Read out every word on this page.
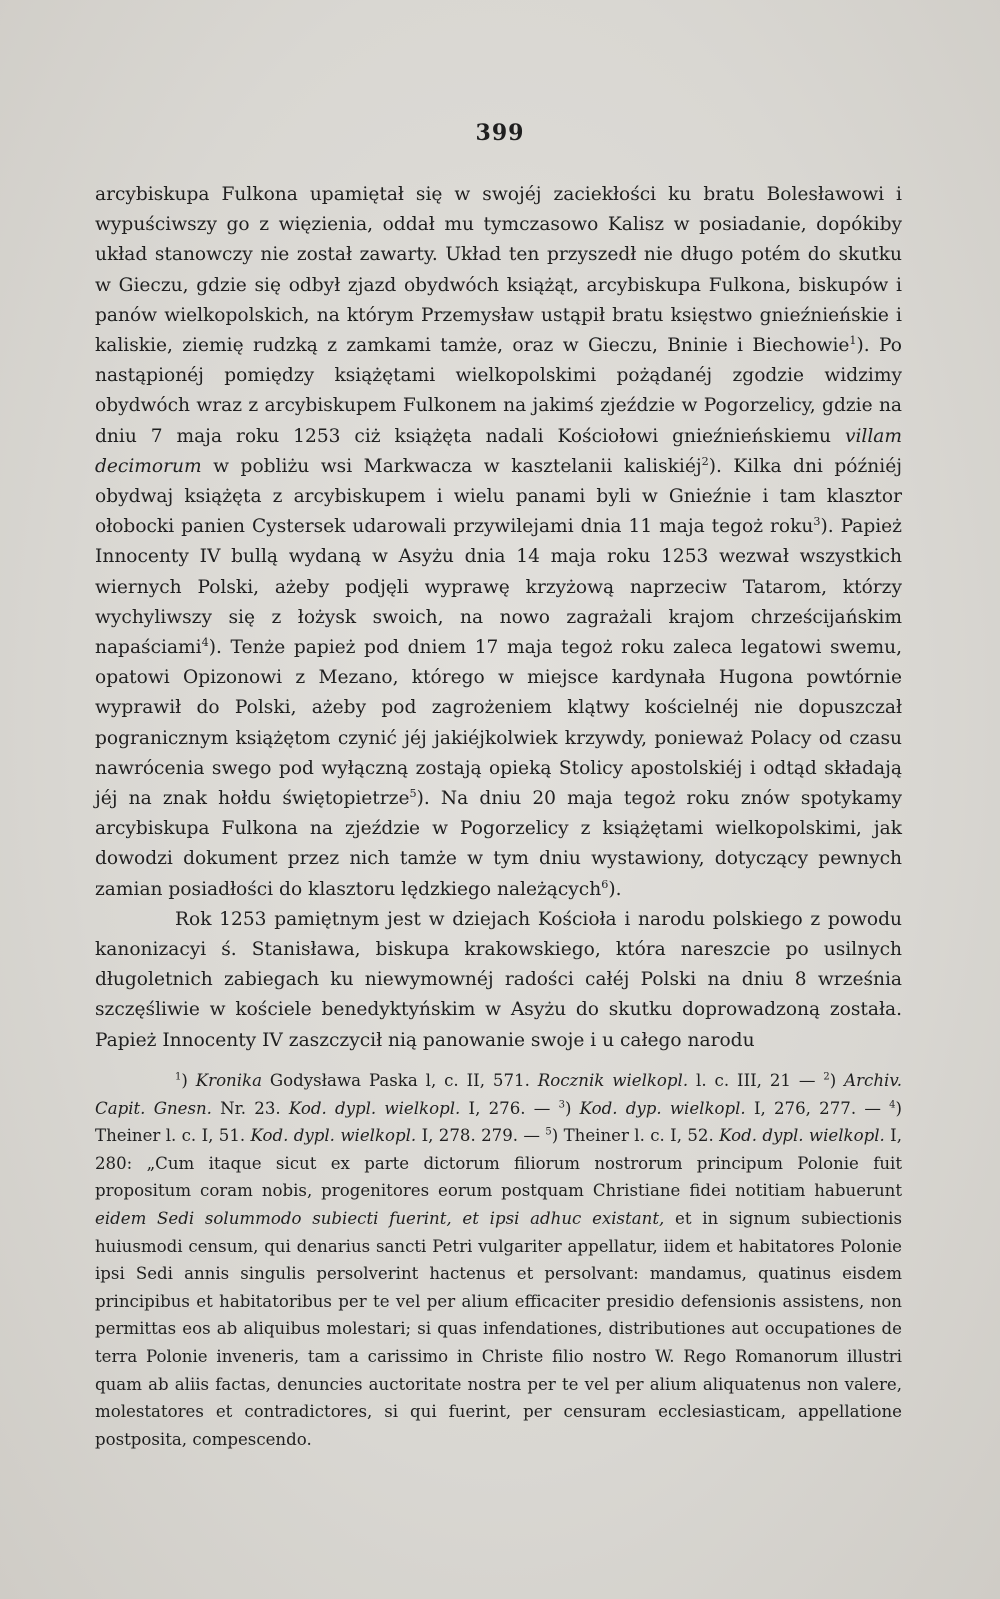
399

arcybiskupa Fulkona upamiętał się w swojéj zaciekłości ku bratu Bolesławowi i wypuściwszy go z więzienia, oddał mu tymczasowo Kalisz w posiadanie, dopókiby układ stanowczy nie został zawarty. Układ ten przyszedł nie długo potém do skutku w Gieczu, gdzie się odbył zjazd obydwóch książąt, arcybiskupa Fulkona, biskupów i panów wielkopolskich, na którym Przemysław ustąpił bratu księstwo gnieźnieńskie i kaliskie, ziemię rudzką z zamkami tamże, oraz w Gieczu, Bninie i Biechowie$^1$). Po nastąpionéj pomiędzy książętami wielkopolskimi pożądanéj zgodzie widzimy obydwóch wraz z arcybiskupem Fulkonem na jakimś zjeździe w Pogorzelicy, gdzie na dniu 7 maja roku 1253 ciż książęta nadali Kościołowi gnieźnieńskiemu villam decimorum w pobliżu wsi Markwacza w kasztelanii kaliskiéj$^2$). Kilka dni późniéj obydwaj książęta z arcybiskupem i wielu panami byli w Gnieźnie i tam klasztor ołobocki panien Cystersek udarowali przywilejami dnia 11 maja tegoż roku$^3$). Papież Innocenty IV bullą wydaną w Asyżu dnia 14 maja roku 1253 wezwał wszystkich wiernych Polski, ażeby podjęli wyprawę krzyżową naprzeciw Tatarom, którzy wychyliwszy się z łożysk swoich, na nowo zagrażali krajom chrześcijańskim napaściami$^4$). Tenże papież pod dniem 17 maja tegoż roku zaleca legatowi swemu, opatowi Opizonowi z Mezano, którego w miejsce kardynała Hugona powtórnie wyprawił do Polski, ażeby pod zagrożeniem klątwy kościelnéj nie dopuszczał pogranicznym książętom czynić jéj jakiéjkolwiek krzywdy, ponieważ Polacy od czasu nawrócenia swego pod wyłączną zostają opieką Stolicy apostolskiéj i odtąd składają jéj na znak hołdu świętopietrze$^5$). Na dniu 20 maja tegoż roku znów spotykamy arcybiskupa Fulkona na zjeździe w Pogorzelicy z książętami wielkopolskimi, jak dowodzi dokument przez nich tamże w tym dniu wystawiony, dotyczący pewnych zamian posiadłości do klasztoru lędzkiego należących$^6$).

Rok 1253 pamiętnym jest w dziejach Kościoła i narodu polskiego z powodu kanonizacyi ś. Stanisława, biskupa krakowskiego, która nareszcie po usilnych długoletnich zabiegach ku niewymownéj radości całéj Polski na dniu 8 września szczęśliwie w kościele benedyktyńskim w Asyżu do skutku doprowadzoną została. Papież Innocenty IV zaszczycił nią panowanie swoje i u całego narodu

$^1$) Kronika Godysława Paska l, c. II, 571. Rocznik wielkopl. l. c. III, 21 — $^2$) Archiv. Capit. Gnesn. Nr. 23. Kod. dypl. wielkopl. I, 276. — $^3$) Kod. dyp. wielkopl. I, 276, 277. — $^4$) Theiner l. c. I, 51. Kod. dypl. wielkopl. I, 278. 279. — $^5$) Theiner l. c. I, 52. Kod. dypl. wielkopl. I, 280: „Cum itaque sicut ex parte dictorum filiorum nostrorum principum Polonie fuit propositum coram nobis, progenitores eorum postquam Christiane fidei notitiam habuerunt eidem Sedi solummodo subiecti fuerint, et ipsi adhuc existant, et in signum subiectionis huiusmodi censum, qui denarius sancti Petri vulgariter appellatur, iidem et habitatores Polonie ipsi Sedi annis singulis persolverint hactenus et persolvant: mandamus, quatinus eisdem principibus et habitatoribus per te vel per alium efficaciter presidio defensionis assistens, non permittas eos ab aliquibus molestari; si quas infendationes, distributiones aut occupationes de terra Polonie inveneris, tam a carissimo in Christe filio nostro W. Rego Romanorum illustri quam ab aliis factas, denuncies auctoritate nostra per te vel per alium aliquatenus non valere, molestatores et contradictores, si qui fuerint, per censuram ecclesiasticam, appellatione postposita, compescendo.
